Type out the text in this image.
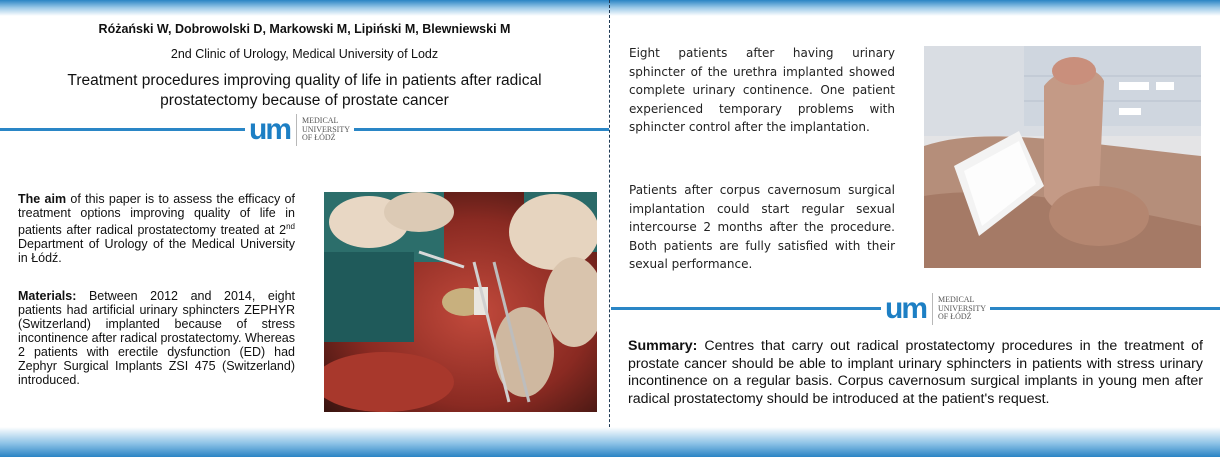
Różański W, Dobrowolski D, Markowski M, Lipiński M, Blewniewski M
2nd Clinic of Urology, Medical University of Lodz
Treatment procedures improving quality of life in patients after radical prostatectomy because of prostate cancer
um MEDICAL
UNIVERSITY
OF ŁÓDŹ
The aim of this paper is to assess the efficacy of treatment options improving quality of life in patients after radical prostatectomy treated at 2nd Department of Urology of the Medical University in Łódź.
Materials: Between 2012 and 2014, eight patients had artificial urinary sphincters ZEPHYR (Switzerland) implanted because of stress incontinence after radical prostatectomy. Whereas 2 patients with erectile dysfunction (ED) had Zephyr Surgical Implants ZSI 475 (Switzerland) introduced.
Eight patients after having urinary sphincter of the urethra implanted showed complete urinary continence. One patient experienced temporary problems with sphincter control after the implantation.
Patients after corpus cavernosum surgical implantation could start regular sexual intercourse 2 months after the procedure. Both patients are fully satisfied with their sexual performance.
um MEDICAL
UNIVERSITY
OF ŁÓDŹ
Summary: Centres that carry out radical prostatectomy procedures in the treatment of prostate cancer should be able to implant urinary sphincters in patients with stress urinary incontinence on a regular basis. Corpus cavernosum surgical implants in young men after radical prostatectomy should be introduced at the patient's request.
